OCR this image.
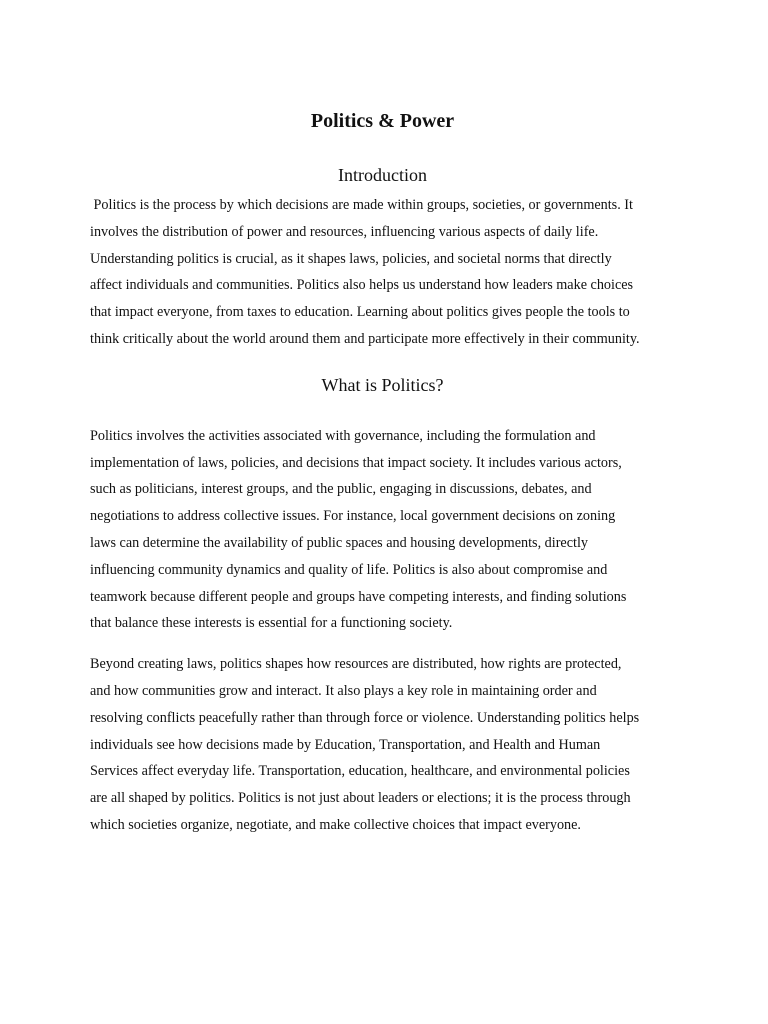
Politics & Power
Introduction

Politics is the process by which decisions are made within groups, societies, or governments. It
involves the distribution of power and resources, influencing various aspects of daily life.
Understanding politics is crucial, as it shapes laws, policies, and societal norms that directly
affect individuals and communities. Politics also helps us understand how leaders make choices
that impact everyone, from taxes to education. Learning about politics gives people the tools to
think critically about the world around them and participate more effectively in their community.

What is Politics?

Politics involves the activities associated with governance, including the formulation and
implementation of laws, policies, and decisions that impact society. It includes various actors,
such as politicians, interest groups, and the public, engaging in discussions, debates, and
negotiations to address collective issues. For instance, local government decisions on zoning
laws can determine the availability of public spaces and housing developments, directly
influencing community dynamics and quality of life. Politics is also about compromise and
teamwork because different people and groups have competing interests, and finding solutions
that balance these interests is essential for a functioning society.

Beyond creating laws, politics shapes how resources are distributed, how rights are protected,
and how communities grow and interact. It also plays a key role in maintaining order and
resolving conflicts peacefully rather than through force or violence. Understanding politics helps
individuals see how decisions made by Education, Transportation, and Health and Human
Services affect everyday life. Transportation, education, healthcare, and environmental policies
are all shaped by politics. Politics is not just about leaders or elections; it is the process through
which societies organize, negotiate, and make collective choices that impact everyone.
